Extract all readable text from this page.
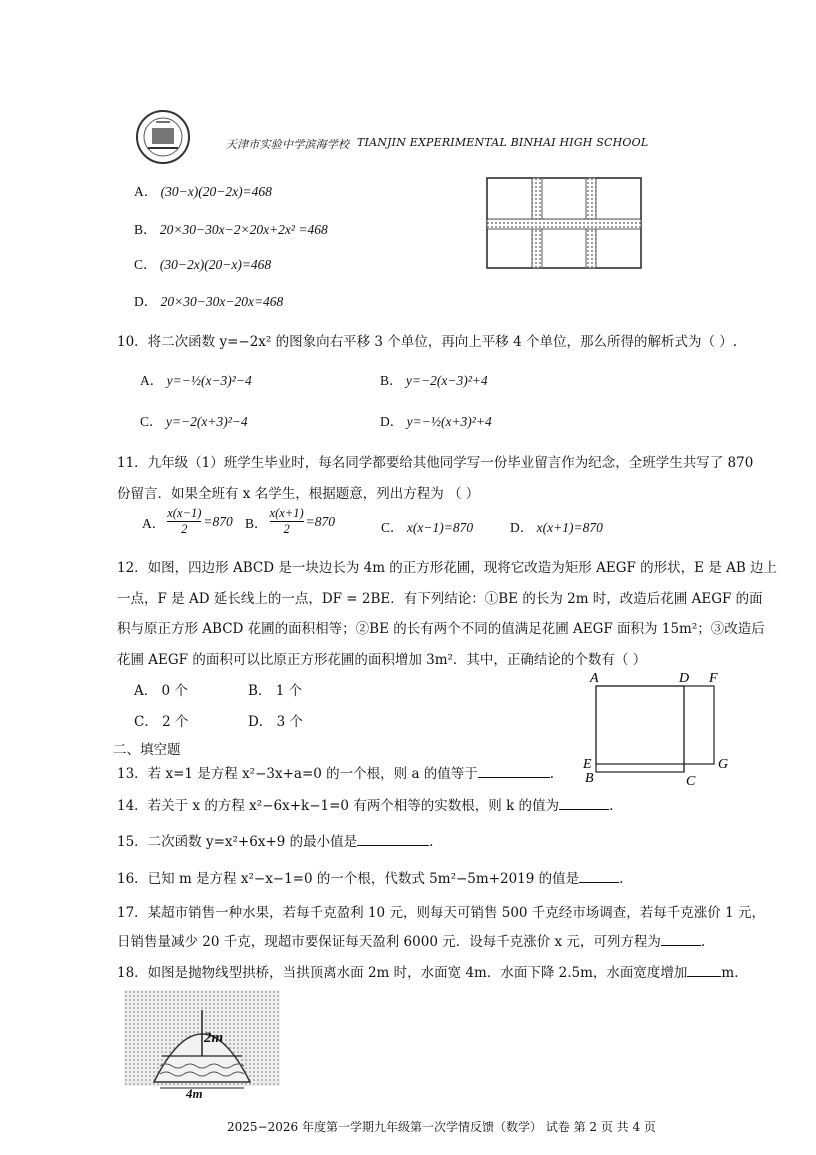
天津市实验中学滨海学校 TIANJIN EXPERIMENTAL BINHAI HIGH SCHOOL
A． (30−x)(20−2x)=468
B． 20×30−30x−2×20x+2x² =468
C． (30−2x)(20−x)=468
D． 20×30−30x−20x=468
10．将二次函数 y=−2x² 的图象向右平移 3 个单位，再向上平移 4 个单位，那么所得的解析式为（ ）.
A． y=−½(x−3)²−4	B． y=−2(x−3)²+4
C． y=−2(x+3)²−4	D． y=−½(x+3)²+4
11．九年级（1）班学生毕业时，每名同学都要给其他同学写一份毕业留言作为纪念，全班学生共写了 870
份留言．如果全班有 x 名学生，根据题意，列出方程为 （ ）
A． $\frac{x(x-1)}{2} =870$ B． $\frac{x(x+1)}{2} =870$	C． x(x−1)=870	D． x(x+1)=870
12．如图，四边形 ABCD 是一块边长为 4m 的正方形花圃，现将它改造为矩形 AEGF 的形状，E 是 AB 边上
一点，F 是 AD 延长线上的一点，DF = 2BE．有下列结论：①BE 的长为 2m 时，改造后花圃 AEGF 的面
积与原正方形 ABCD 花圃的面积相等；②BE 的长有两个不同的值满足花圃 AEGF 面积为 15m²；③改造后
花圃 AEGF 的面积可以比原正方形花圃的面积增加 3m²．其中，正确结论的个数有（ ）
A． 0 个	B． 1 个
C． 2 个	D． 3 个
A	D F
E
B	C
G
二、填空题
13．若 x=1 是方程 x²−3x+a=0 的一个根，则 a 的值等于	.
14．若关于 x 的方程 x²−6x+k−1=0 有两个相等的实数根，则 k 的值为	.
15．二次函数 y=x²+6x+9 的最小值是	.
16．已知 m 是方程 x²−x−1=0 的一个根，代数式 5m²−5m+2019 的值是	.
17．某超市销售一种水果，若每千克盈利 10 元，则每天可销售 500 千克经市场调查，若每千克涨价 1 元，
日销售量减少 20 千克，现超市要保证每天盈利 6000 元．设每千克涨价 x 元，可列方程为	.
18．如图是抛物线型拱桥，当拱顶离水面 2m 时，水面宽 4m．水面下降 2.5m，水面宽度增加	m．
2m
4m
2025−2026 年度第一学期九年级第一次学情反馈（数学） 试卷 第 2 页 共 4 页
